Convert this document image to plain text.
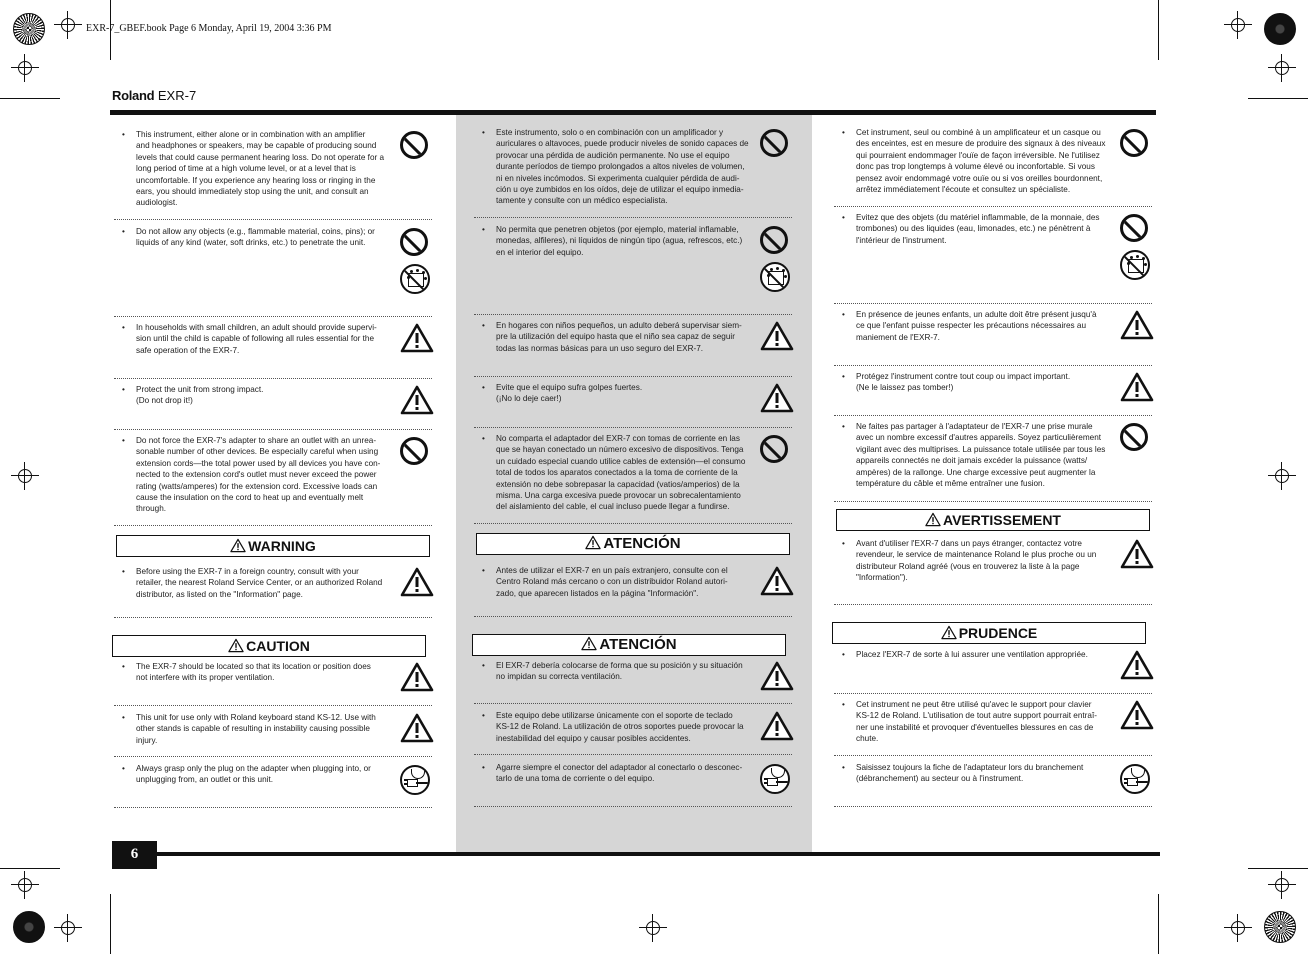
EXR-7_GBEF.book Page 6 Monday, April 19, 2004 3:36 PM
Roland EXR-7
• This instrument, either alone or in combination with an amplifier
and headphones or speakers, may be capable of producing sound
levels that could cause permanent hearing loss. Do not operate for a
long period of time at a high volume level, or at a level that is
uncomfortable. If you experience any hearing loss or ringing in the
ears, you should immediately stop using the unit, and consult an
audiologist.
• Do not allow any objects (e.g., flammable material, coins, pins); or
liquids of any kind (water, soft drinks, etc.) to penetrate the unit.
• In households with small children, an adult should provide supervi-
sion until the child is capable of following all rules essential for the
safe operation of the EXR-7.
• Protect the unit from strong impact.
(Do not drop it!)
• Do not force the EXR-7's adapter to share an outlet with an unrea-
sonable number of other devices. Be especially careful when using
extension cords—the total power used by all devices you have con-
nected to the extension cord's outlet must never exceed the power
rating (watts/amperes) for the extension cord. Excessive loads can
cause the insulation on the cord to heat up and eventually melt
through.
WARNING
• Before using the EXR-7 in a foreign country, consult with your
retailer, the nearest Roland Service Center, or an authorized Roland
distributor, as listed on the "Information" page.
CAUTION
• The EXR-7 should be located so that its location or position does
not interfere with its proper ventilation.
• This unit for use only with Roland keyboard stand KS-12. Use with
other stands is capable of resulting in instability causing possible
injury.
• Always grasp only the plug on the adapter when plugging into, or
unplugging from, an outlet or this unit.
• Este instrumento, solo o en combinación con un amplificador y
auriculares o altavoces, puede producir niveles de sonido capaces de
provocar una pérdida de audición permanente. No use el equipo
durante períodos de tiempo prolongados a altos niveles de volumen,
ni en niveles incómodos. Si experimenta cualquier pérdida de audi-
ción u oye zumbidos en los oídos, deje de utilizar el equipo inmedia-
tamente y consulte con un médico especialista.
• No permita que penetren objetos (por ejemplo, material inflamable,
monedas, alfileres), ni líquidos de ningún tipo (agua, refrescos, etc.)
en el interior del equipo.
• En hogares con niños pequeños, un adulto deberá supervisar siem-
pre la utilización del equipo hasta que el niño sea capaz de seguir
todas las normas básicas para un uso seguro del EXR-7.
• Evite que el equipo sufra golpes fuertes.
(¡No lo deje caer!)
• No comparta el adaptador del EXR-7 con tomas de corriente en las
que se hayan conectado un número excesivo de dispositivos. Tenga
un cuidado especial cuando utilice cables de extensión—el consumo
total de todos los aparatos conectados a la toma de corriente de la
extensión no debe sobrepasar la capacidad (vatios/amperios) de la
misma. Una carga excesiva puede provocar un sobrecalentamiento
del aislamiento del cable, el cual incluso puede llegar a fundirse.
ATENCIÓN
• Antes de utilizar el EXR-7 en un país extranjero, consulte con el
Centro Roland más cercano o con un distribuidor Roland autori-
zado, que aparecen listados en la página "Información".
ATENCIÓN
• El EXR-7 debería colocarse de forma que su posición y su situación
no impidan su correcta ventilación.
• Este equipo debe utilizarse únicamente con el soporte de teclado
KS-12 de Roland. La utilización de otros soportes puede provocar la
inestabilidad del equipo y causar posibles accidentes.
• Agarre siempre el conector del adaptador al conectarlo o desconec-
tarlo de una toma de corriente o del equipo.
• Cet instrument, seul ou combiné à un amplificateur et un casque ou
des enceintes, est en mesure de produire des signaux à des niveaux
qui pourraient endommager l'ouïe de façon irréversible. Ne l'utilisez
donc pas trop longtemps à volume élevé ou inconfortable. Si vous
pensez avoir endommagé votre ouïe ou si vos oreilles bourdonnent,
arrêtez immédiatement l'écoute et consultez un spécialiste.
• Evitez que des objets (du matériel inflammable, de la monnaie, des
trombones) ou des liquides (eau, limonades, etc.) ne pénètrent à
l'intérieur de l'instrument.
• En présence de jeunes enfants, un adulte doit être présent jusqu'à
ce que l'enfant puisse respecter les précautions nécessaires au
maniement de l'EXR-7.
• Protégez l'instrument contre tout coup ou impact important.
(Ne le laissez pas tomber!)
• Ne faites pas partager à l'adaptateur de l'EXR-7 une prise murale
avec un nombre excessif d'autres appareils. Soyez particulièrement
vigilant avec des multiprises. La puissance totale utilisée par tous les
appareils connectés ne doit jamais excéder la puissance (watts/
ampères) de la rallonge. Une charge excessive peut augmenter la
température du câble et même entraîner une fusion.
AVERTISSEMENT
• Avant d'utiliser l'EXR-7 dans un pays étranger, contactez votre
revendeur, le service de maintenance Roland le plus proche ou un
distributeur Roland agréé (vous en trouverez la liste à la page
"Information").
PRUDENCE
• Placez l'EXR-7 de sorte à lui assurer une ventilation appropriée.
• Cet instrument ne peut être utilisé qu'avec le support pour clavier
KS-12 de Roland. L'utilisation de tout autre support pourrait entraî-
ner une instabilité et provoquer d'éventuelles blessures en cas de
chute.
• Saisissez toujours la fiche de l'adaptateur lors du branchement
(débranchement) au secteur ou à l'instrument.
6
